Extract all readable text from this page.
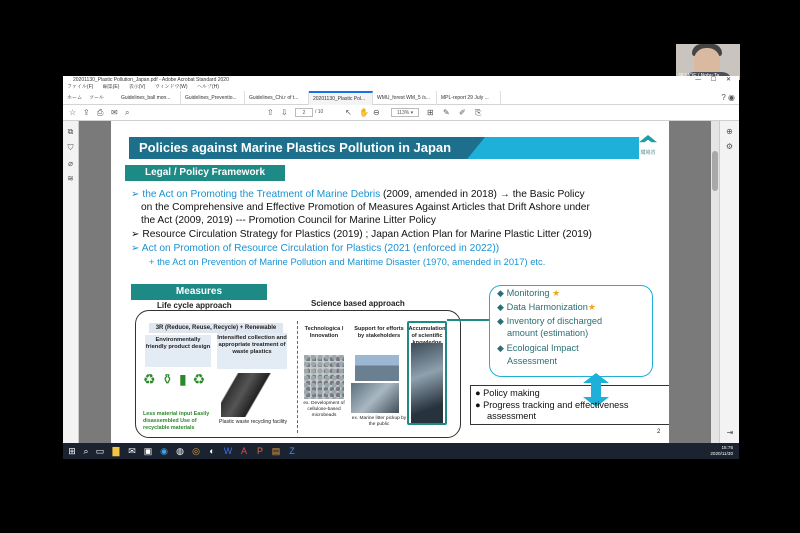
20201130_Plastic Pollution_Japan.pdf - Adobe Acrobat Standard 2020	— ☐ ✕
ファイル(F) 編集(E) 表示(V) ウィンドウ(W) ヘルプ(H)
ホーム	ツール	Guidelines_ball mon...	Guidelines_Preventio...	Guidelines_Chi.r of t...	20201130_Plastic Pol...	WMU_forest WM_5 /s...	MPL-report 29 July ...	? ◉
☆ ⇪ ⎙ ✉ ⌕	⇧ ⇩	2	/ 10	↖ ✋ ⊖	113% ▾	⊞ ✎ ✐ ⎘
⧉
⛉
⌀
≋
Policies against Marine Plastics Pollution in Japan	環境省
Legal / Policy Framework
➢ the Act on Promoting the Treatment of Marine Debris (2009, amended in 2018) → the Basic Policy
on the Comprehensive and Effective Promotion of Measures Against Articles that Drift Ashore under
the Act (2009, 2019) --- Promotion Council for Marine Litter Policy
➢ Resource Circulation Strategy for Plastics (2019) ; Japan Action Plan for Marine Plastic Litter (2019)
➢ Act on Promotion of Resource Circulation for Plastics (2021 (enforced in 2022))
+ the Act on Prevention of Marine Pollution and Maritime Disaster (1970, amended in 2017) etc.
Measures
Life cycle approach	Science based approach
3R (Reduce, Reuse, Recycle) + Renewable
Environmentally friendly product design
Intensified collection and appropriate treatment of waste plastics
♻ ⚱ ▮ ♻
Less material input Easily disassembled Use of recyclable materials
Plastic waste recycling facility
Technologica l Innovation
Support for efforts by stakeholders
Accumulation of scientific
ex. Development of cellulose-based microbeads
ex. Marine litter pickup by the public
◆ Monitoring ★
◆ Data Harmonization★
◆ Inventory of discharged
amount (estimation)
◆ Ecological Impact
Assessment
● Policy making
● Progress tracking and effectiveness
assessment
2
⊕
⚙
⇥
⊞ ⌕ ▭ ▇ ✉ ▣ ◉ ◍ ◎ ◐ W A P ▤ Z	15:76
2020/11/30
